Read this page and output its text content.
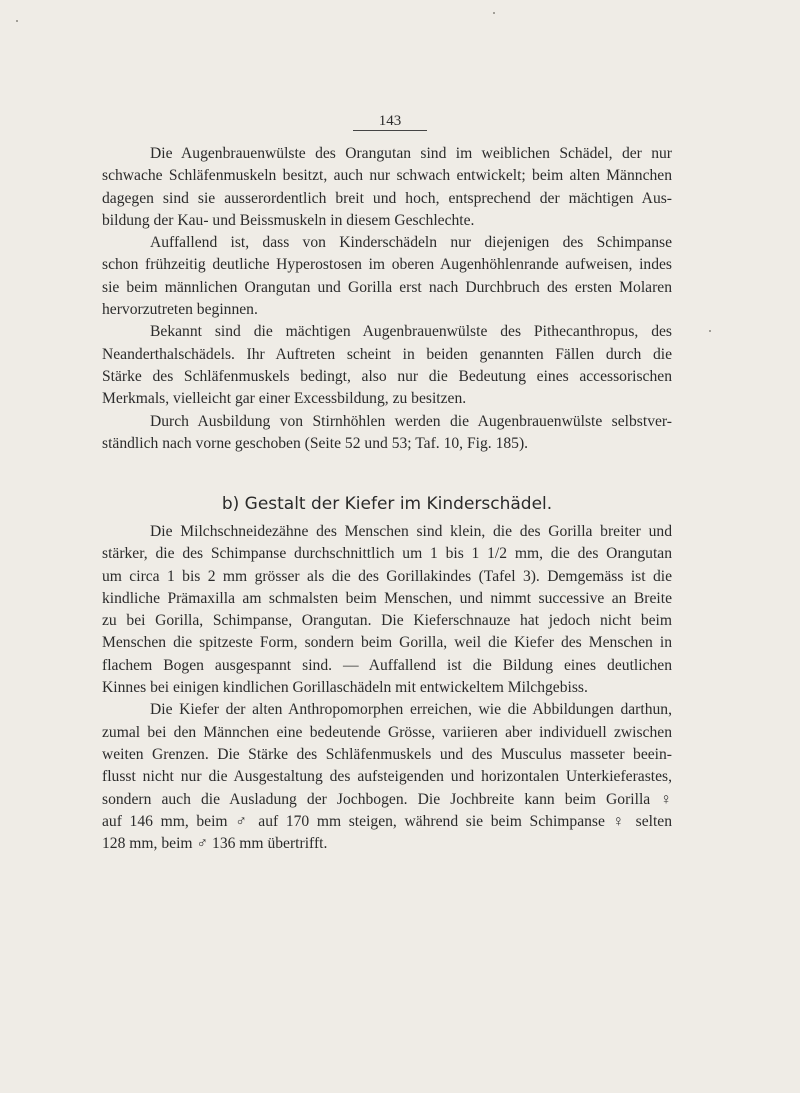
143
Die Augenbrauenwülste des Orangutan sind im weiblichen Schädel, der nur
schwache Schläfenmuskeln besitzt, auch nur schwach entwickelt; beim alten Männchen
dagegen sind sie ausserordentlich breit und hoch, entsprechend der mächtigen Aus-
bildung der Kau- und Beissmuskeln in diesem Geschlechte.
Auffallend ist, dass von Kinderschädeln nur diejenigen des Schimpanse
schon frühzeitig deutliche Hyperostosen im oberen Augenhöhlenrande aufweisen, indes
sie beim männlichen Orangutan und Gorilla erst nach Durchbruch des ersten Molaren
hervorzutreten beginnen.
Bekannt sind die mächtigen Augenbrauenwülste des Pithecanthropus, des
Neanderthalschädels. Ihr Auftreten scheint in beiden genannten Fällen durch die
Stärke des Schläfenmuskels bedingt, also nur die Bedeutung eines accessorischen
Merkmals, vielleicht gar einer Excessbildung, zu besitzen.
Durch Ausbildung von Stirnhöhlen werden die Augenbrauenwülste selbstver-
ständlich nach vorne geschoben (Seite 52 und 53; Taf. 10, Fig. 185).
b) Gestalt der Kiefer im Kinderschädel.
Die Milchschneidezähne des Menschen sind klein, die des Gorilla breiter und
stärker, die des Schimpanse durchschnittlich um 1 bis 1 1/2 mm, die des Orangutan
um circa 1 bis 2 mm grösser als die des Gorillakindes (Tafel 3). Demgemäss ist die
kindliche Prämaxilla am schmalsten beim Menschen, und nimmt successive an Breite
zu bei Gorilla, Schimpanse, Orangutan. Die Kieferschnauze hat jedoch nicht beim
Menschen die spitzeste Form, sondern beim Gorilla, weil die Kiefer des Menschen in
flachem Bogen ausgespannt sind. — Auffallend ist die Bildung eines deutlichen
Kinnes bei einigen kindlichen Gorillaschädeln mit entwickeltem Milchgebiss.
Die Kiefer der alten Anthropomorphen erreichen, wie die Abbildungen darthun,
zumal bei den Männchen eine bedeutende Grösse, variieren aber individuell zwischen
weiten Grenzen. Die Stärke des Schläfenmuskels und des Musculus masseter beein-
flusst nicht nur die Ausgestaltung des aufsteigenden und horizontalen Unterkieferastes,
sondern auch die Ausladung der Jochbogen. Die Jochbreite kann beim Gorilla ♀
auf 146 mm, beim ♂ auf 170 mm steigen, während sie beim Schimpanse ♀ selten
128 mm, beim ♂ 136 mm übertrifft.
